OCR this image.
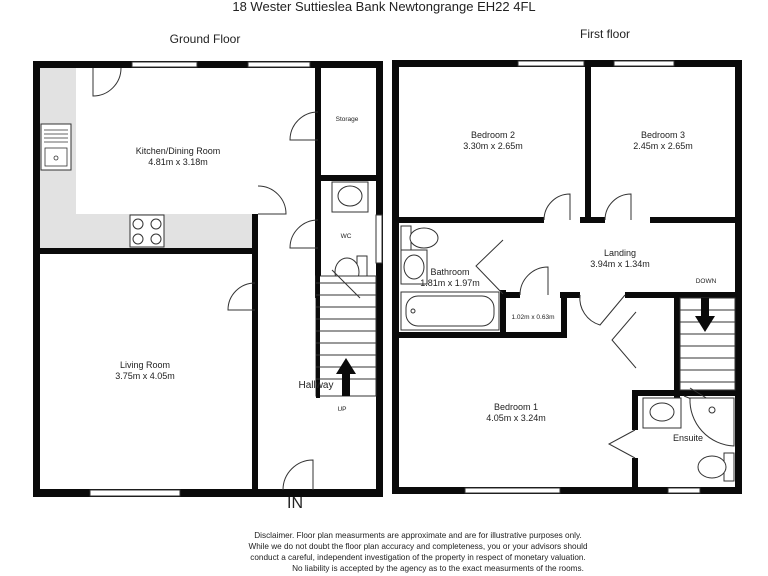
18 Wester Suttieslea Bank Newtongrange EH22 4FL
Ground Floor	First floor
Kitchen/Dining Room
4.81m x 3.18m
Storage
WC
Living Room
3.75m x 4.05m
Hallway
UP
IN
Bedroom 2
3.30m x 2.65m
Bedroom 3
2.45m x 2.65m
Landing
3.94m x 1.34m
Bathroom
1.81m x 1.97m
1.02m x 0.63m
Bedroom 1
4.05m x 3.24m
Ensuite
DOWN
Disclaimer. Floor plan measurments are approximate and are for illustrative purposes only.
While we do not doubt the floor plan accuracy and completeness, you or your advisors should
conduct a careful, independent investigation of the property in respect of monetary valuation.
No liability is accepted by the agency as to the exact measurments of the rooms.
